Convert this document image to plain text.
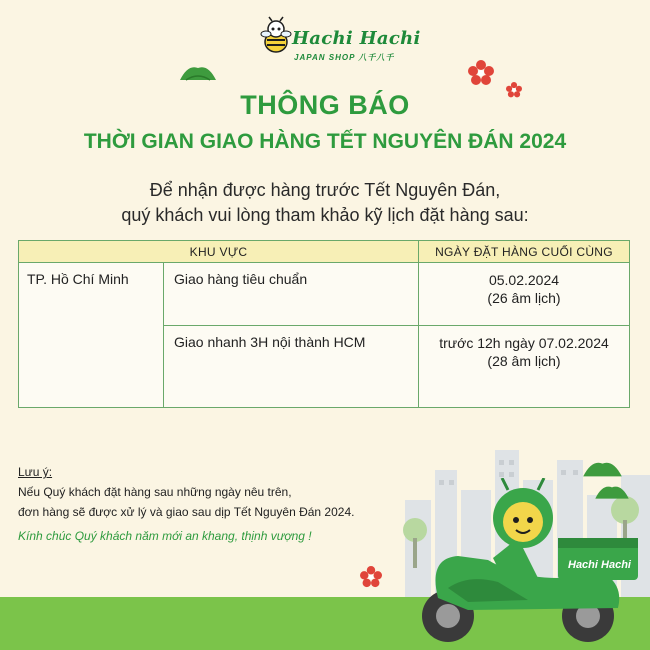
Hachi Hachi
JAPAN SHOP 八千八千
THÔNG BÁO
THỜI GIAN GIAO HÀNG TẾT NGUYÊN ĐÁN 2024
Để nhận được hàng trước Tết Nguyên Đán,
quý khách vui lòng tham khảo kỹ lịch đặt hàng sau:
KHU VỰC		NGÀY ĐẶT HÀNG CUỐI CÙNG
TP. Hồ Chí Minh	Giao hàng tiêu chuẩn	05.02.2024
(26 âm lịch)

	Giao nhanh 3H nội thành HCM	trước 12h ngày 07.02.2024
(28 âm lịch)
Hachi Hachi
Lưu ý:
Nếu Quý khách đặt hàng sau những ngày nêu trên,
đơn hàng sẽ được xử lý và giao sau dịp Tết Nguyên Đán 2024.
Kính chúc Quý khách năm mới an khang, thịnh vượng !
